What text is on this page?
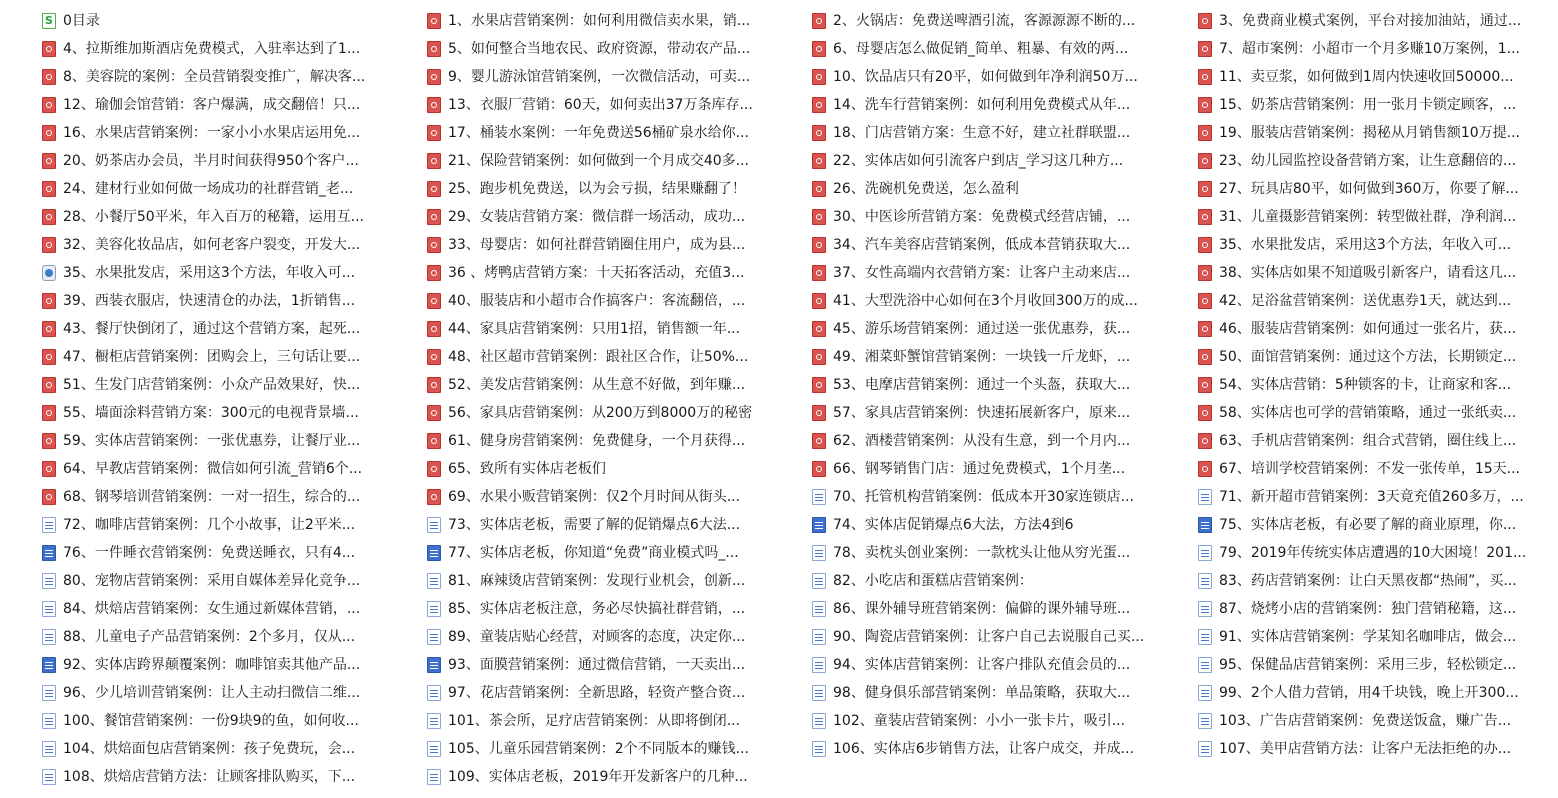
S
0目录	1、水果店营销案例：如何利用微信卖水果，销...	2、火锅店：免费送啤酒引流，客源源源不断的...	3、免费商业模式案例，平台对接加油站，通过...
4、拉斯维加斯酒店免费模式，入驻率达到了1...	5、如何整合当地农民、政府资源，带动农产品...	6、母婴店怎么做促销_简单、粗暴、有效的两...	7、超市案例：小超市一个月多赚10万案例，1...
8、美容院的案例：全员营销裂变推广，解决客...	9、婴儿游泳馆营销案例，一次微信活动，可卖...	10、饮品店只有20平，如何做到年净利润50万...	11、卖豆浆，如何做到1周内快速收回50000...
12、瑜伽会馆营销：客户爆满，成交翻倍！只...	13、衣服厂营销：60天，如何卖出37万条库存...	14、洗车行营销案例：如何利用免费模式从年...	15、奶茶店营销案例：用一张月卡锁定顾客，...
16、水果店营销案例：一家小小水果店运用免...	17、桶装水案例：一年免费送56桶矿泉水给你...	18、门店营销方案：生意不好，建立社群联盟...	19、服装店营销案例：揭秘从月销售额10万提...
20、奶茶店办会员，半月时间获得950个客户...	21、保险营销案例：如何做到一个月成交40多...	22、实体店如何引流客户到店_学习这几种方...	23、幼儿园监控设备营销方案，让生意翻倍的...
24、建材行业如何做一场成功的社群营销_老...	25、跑步机免费送，以为会亏损，结果赚翻了！	26、洗碗机免费送，怎么盈利	27、玩具店80平，如何做到360万，你要了解...
28、小餐厅50平米，年入百万的秘籍，运用互...	29、女装店营销方案：微信群一场活动，成功...	30、中医诊所营销方案：免费模式经营店铺，...	31、儿童摄影营销案例：转型做社群，净利润...
32、美容化妆品店，如何老客户裂变，开发大...	33、母婴店：如何社群营销圈住用户，成为县...	34、汽车美容店营销案例，低成本营销获取大...	35、水果批发店，采用这3个方法，年收入可...
35、水果批发店，采用这3个方法，年收入可...	36 、烤鸭店营销方案：十天拓客活动，充值3...	37、女性高端内衣营销方案：让客户主动来店...	38、实体店如果不知道吸引新客户，请看这几...
39、西装衣服店，快速清仓的办法，1折销售...	40、服装店和小超市合作搞客户：客流翻倍，...	41、大型洗浴中心如何在3个月收回300万的成...	42、足浴盆营销案例：送优惠券1天，就达到...
43、餐厅快倒闭了，通过这个营销方案，起死...	44、家具店营销案例：只用1招，销售额一年...	45、游乐场营销案例：通过送一张优惠券，获...	46、服装店营销案例：如何通过一张名片，获...
47、橱柜店营销案例：团购会上，三句话让要...	48、社区超市营销案例：跟社区合作，让50%...	49、湘菜虾蟹馆营销案例：一块钱一斤龙虾，...	50、面馆营销案例：通过这个方法，长期锁定...
51、生发门店营销案例：小众产品效果好，快...	52、美发店营销案例：从生意不好做，到年赚...	53、电摩店营销案例：通过一个头盔，获取大...	54、实体店营销：5种锁客的卡，让商家和客...
55、墙面涂料营销方案：300元的电视背景墙...	56、家具店营销案例：从200万到8000万的秘密	57、家具店营销案例：快速拓展新客户，原来...	58、实体店也可学的营销策略，通过一张纸卖...
59、实体店营销案例：一张优惠券，让餐厅业...	61、健身房营销案例：免费健身，一个月获得...	62、酒楼营销案例：从没有生意，到一个月内...	63、手机店营销案例：组合式营销，圈住线上...
64、早教店营销案例：微信如何引流_营销6个...	65、致所有实体店老板们	66、钢琴销售门店：通过免费模式，1个月垄...	67、培训学校营销案例：不发一张传单，15天...
68、钢琴培训营销案例：一对一招生，综合的...	69、水果小贩营销案例：仅2个月时间从街头...	70、托管机构营销案例：低成本开30家连锁店...	71、新开超市营销案例：3天竟充值260多万，...
72、咖啡店营销案例：几个小故事，让2平米...	73、实体店老板，需要了解的促销爆点6大法...	74、实体店促销爆点6大法，方法4到6	75、实体店老板，有必要了解的商业原理，你...
76、一件睡衣营销案例：免费送睡衣，只有4...	77、实体店老板，你知道“免费”商业模式吗_...	78、卖枕头创业案例：一款枕头让他从穷光蛋...	79、2019年传统实体店遭遇的10大困境！201...
80、宠物店营销案例：采用自媒体差异化竞争...	81、麻辣烫店营销案例：发现行业机会，创新...	82、小吃店和蛋糕店营销案例：	83、药店营销案例：让白天黑夜都“热闹”，买...
84、烘焙店营销案例：女生通过新媒体营销，...	85、实体店老板注意，务必尽快搞社群营销，...	86、课外辅导班营销案例：偏僻的课外辅导班...	87、烧烤小店的营销案例：独门营销秘籍，这...
88、儿童电子产品营销案例：2个多月，仅从...	89、童装店贴心经营，对顾客的态度，决定你...	90、陶瓷店营销案例：让客户自己去说服自己买...	91、实体店营销案例：学某知名咖啡店，做会...
92、实体店跨界颠覆案例：咖啡馆卖其他产品...	93、面膜营销案例：通过微信营销，一天卖出...	94、实体店营销案例：让客户排队充值会员的...	95、保健品店营销案例：采用三步，轻松锁定...
96、少儿培训营销案例：让人主动扫微信二维...	97、花店营销案例：全新思路，轻资产整合资...	98、健身俱乐部营销案例：单品策略，获取大...	99、2个人借力营销，用4千块钱，晚上开300...
100、餐馆营销案例：一份9块9的鱼，如何收...	101、茶会所，足疗店营销案例：从即将倒闭...	102、童装店营销案例：小小一张卡片，吸引...	103、广告店营销案例：免费送饭盒，赚广告...
104、烘焙面包店营销案例：孩子免费玩，会...	105、儿童乐园营销案例：2个不同版本的赚钱...	106、实体店6步销售方法，让客户成交，并成...	107、美甲店营销方法：让客户无法拒绝的办...
108、烘焙店营销方法：让顾客排队购买，下...	109、实体店老板，2019年开发新客户的几种...
